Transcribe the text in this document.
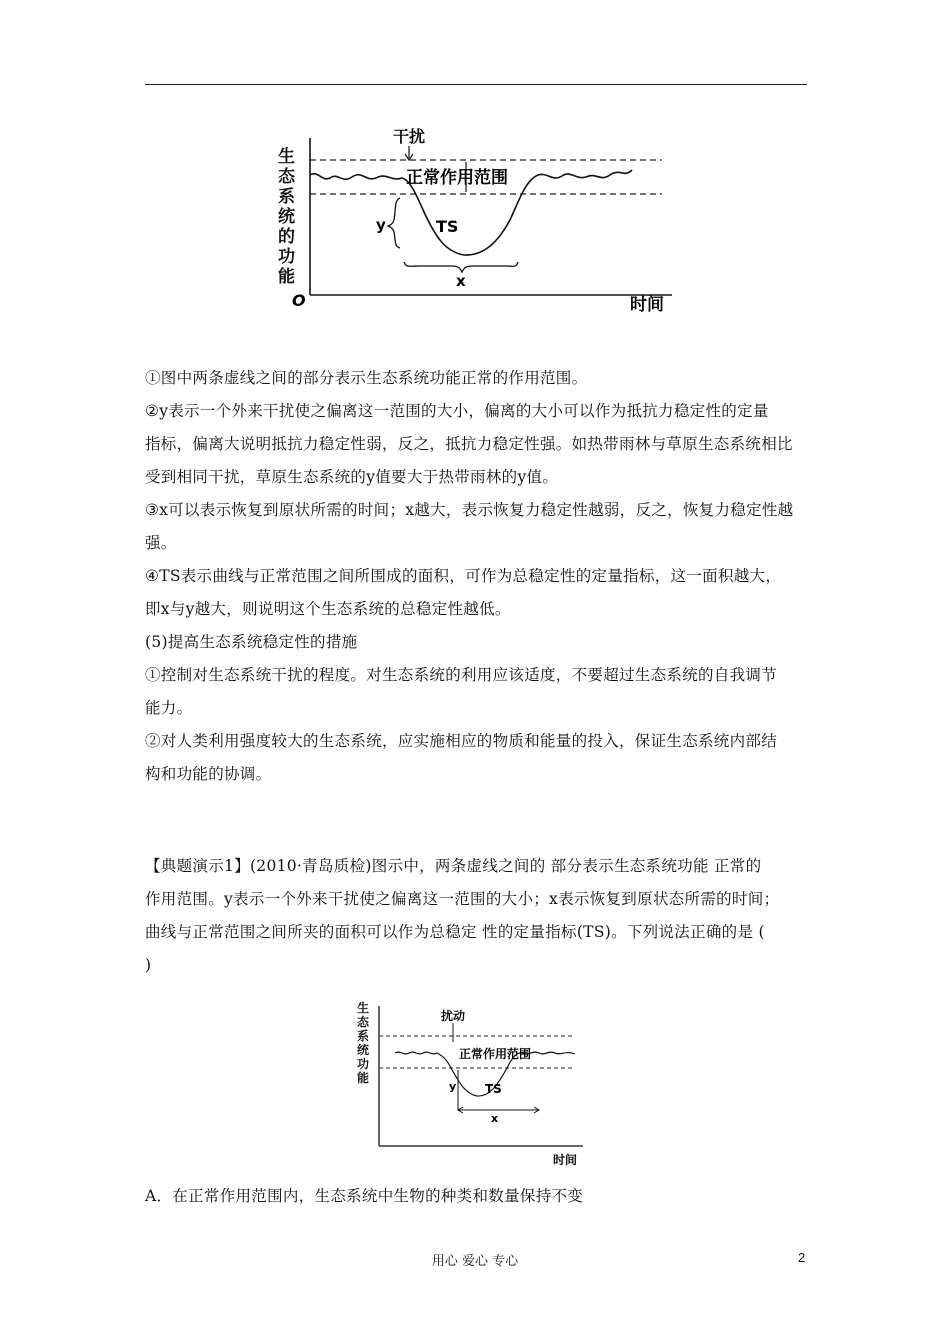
生态系统的功能
O	时间
干扰
正常作用范围
y	TS
x
①图中两条虚线之间的部分表示生态系统功能正常的作用范围。
②y表示一个外来干扰使之偏离这一范围的大小，偏离的大小可以作为抵抗力稳定性的定量
指标，偏离大说明抵抗力稳定性弱，反之，抵抗力稳定性强。如热带雨林与草原生态系统相比
受到相同干扰，草原生态系统的y值要大于热带雨林的y值。
③x可以表示恢复到原状所需的时间；x越大，表示恢复力稳定性越弱，反之，恢复力稳定性越
强。
④TS表示曲线与正常范围之间所围成的面积，可作为总稳定性的定量指标，这一面积越大，
即x与y越大，则说明这个生态系统的总稳定性越低。
(5)提高生态系统稳定性的措施
①控制对生态系统干扰的程度。对生态系统的利用应该适度，不要超过生态系统的自我调节
能力。
②对人类利用强度较大的生态系统，应实施相应的物质和能量的投入，保证生态系统内部结
构和功能的协调。
【典题演示1】(2010·青岛质检)图示中，两条虚线之间的 部分表示生态系统功能 正常的
作用范围。y表示一个外来干扰使之偏离这一范围的大小；x表示恢复到原状态所需的时间；
曲线与正常范围之间所夹的面积可以作为总稳定 性的定量指标(TS)。下列说法正确的是 (
)
生态系统功能
时间
扰动
正常作用范围
y TS
x
A．在正常作用范围内，生态系统中生物的种类和数量保持不变
用心 爱心 专心	2
